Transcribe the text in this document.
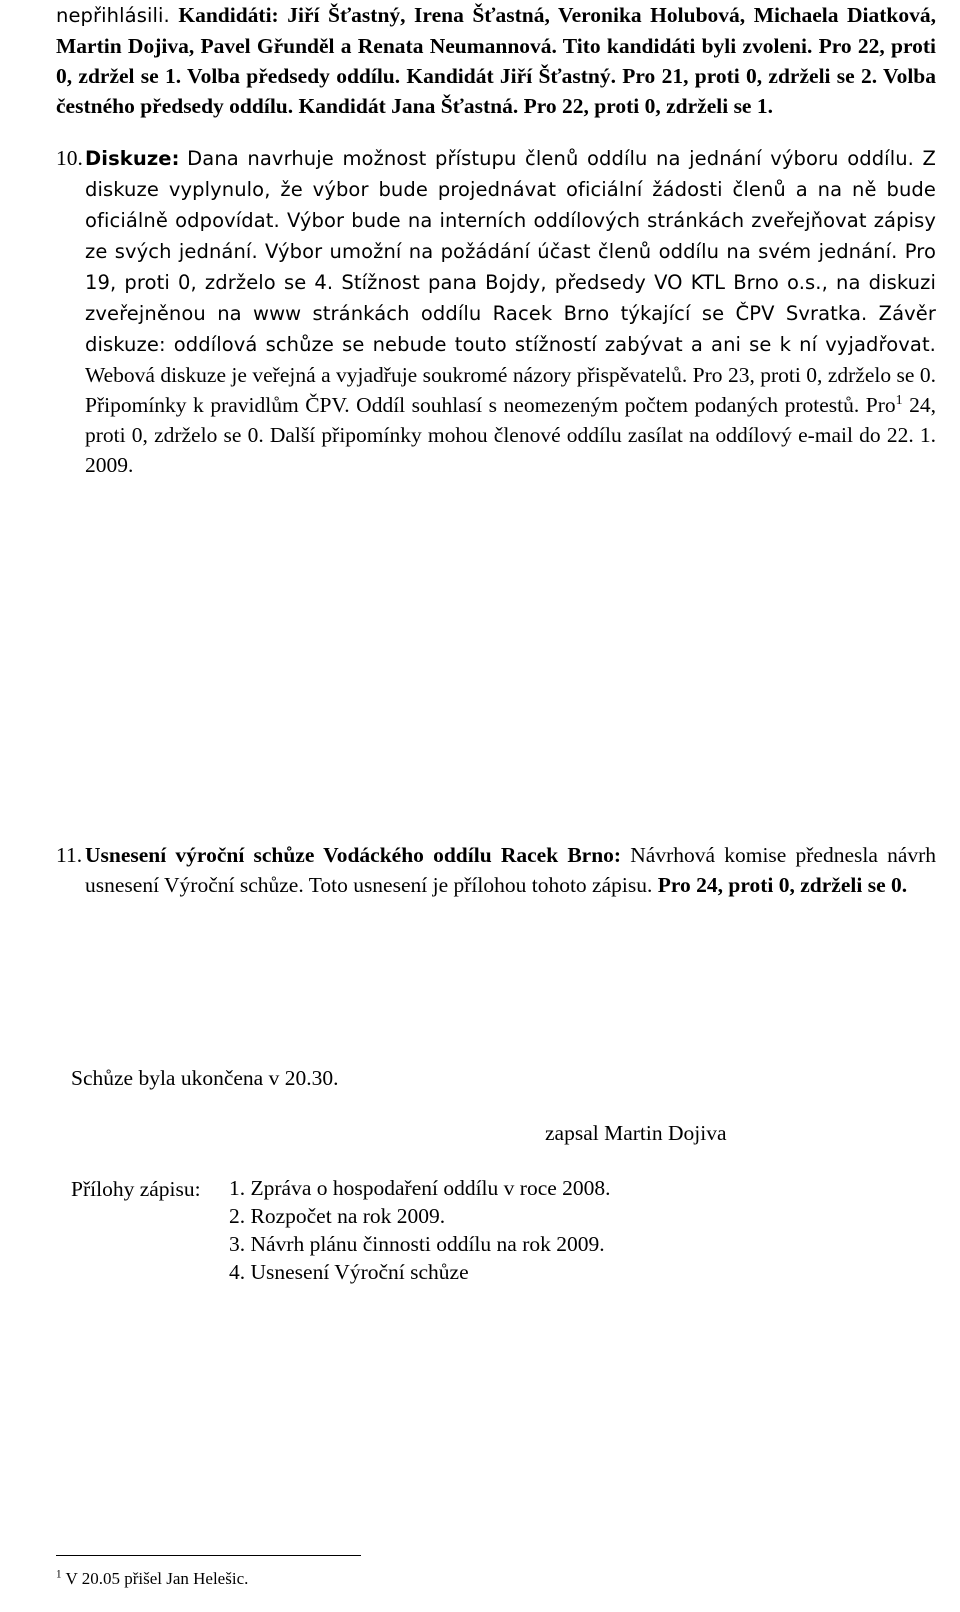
nepřihlásili. Kandidáti: Jiří Šťastný, Irena Šťastná, Veronika Holubová, Michaela Diatková, Martin Dojiva, Pavel Gřunděl a Renata Neumannová. Tito kandidáti byli zvoleni. Pro 22, proti 0, zdržel se 1. Volba předsedy oddílu. Kandidát Jiří Šťastný. Pro 21, proti 0, zdrželi se 2. Volba čestného předsedy oddílu. Kandidát Jana Šťastná. Pro 22, proti 0, zdrželi se 1.
10. Diskuze: Dana navrhuje možnost přístupu členů oddílu na jednání výboru oddílu. Z diskuze vyplynulo, že výbor bude projednávat oficiální žádosti členů a na ně bude oficiálně odpovídat. Výbor bude na interních oddílových stránkách zveřejňovat zápisy ze svých jednání. Výbor umožní na požádání účast členů oddílu na svém jednání. Pro 19, proti 0, zdrželo se 4. Stížnost pana Bojdy, předsedy VO KTL Brno o.s., na diskuzi zveřejněnou na www stránkách oddílu Racek Brno týkající se ČPV Svratka. Závěr diskuze: oddílová schůze se nebude touto stížností zabývat a ani se k ní vyjadřovat. Webová diskuze je veřejná a vyjadřuje soukromé názory přispěvatelů. Pro 23, proti 0, zdrželo se 0. Připomínky k pravidlům ČPV. Oddíl souhlasí s neomezeným počtem podaných protestů. Pro$^1$ 24, proti 0, zdrželo se 0. Další připomínky mohou členové oddílu zasílat na oddílový e-mail do 22. 1. 2009.
11. Usnesení výroční schůze Vodáckého oddílu Racek Brno: Návrhová komise přednesla návrh usnesení Výroční schůze. Toto usnesení je přílohou tohoto zápisu. Pro 24, proti 0, zdrželi se 0.
Schůze byla ukončena v 20.30.
zapsal Martin Dojiva
Přílohy zápisu: 1. Zpráva o hospodaření oddílu v roce 2008.
2. Rozpočet na rok 2009.
3. Návrh plánu činnosti oddílu na rok 2009.
4. Usnesení Výroční schůze
$^1$ V 20.05 přišel Jan Helešic.
